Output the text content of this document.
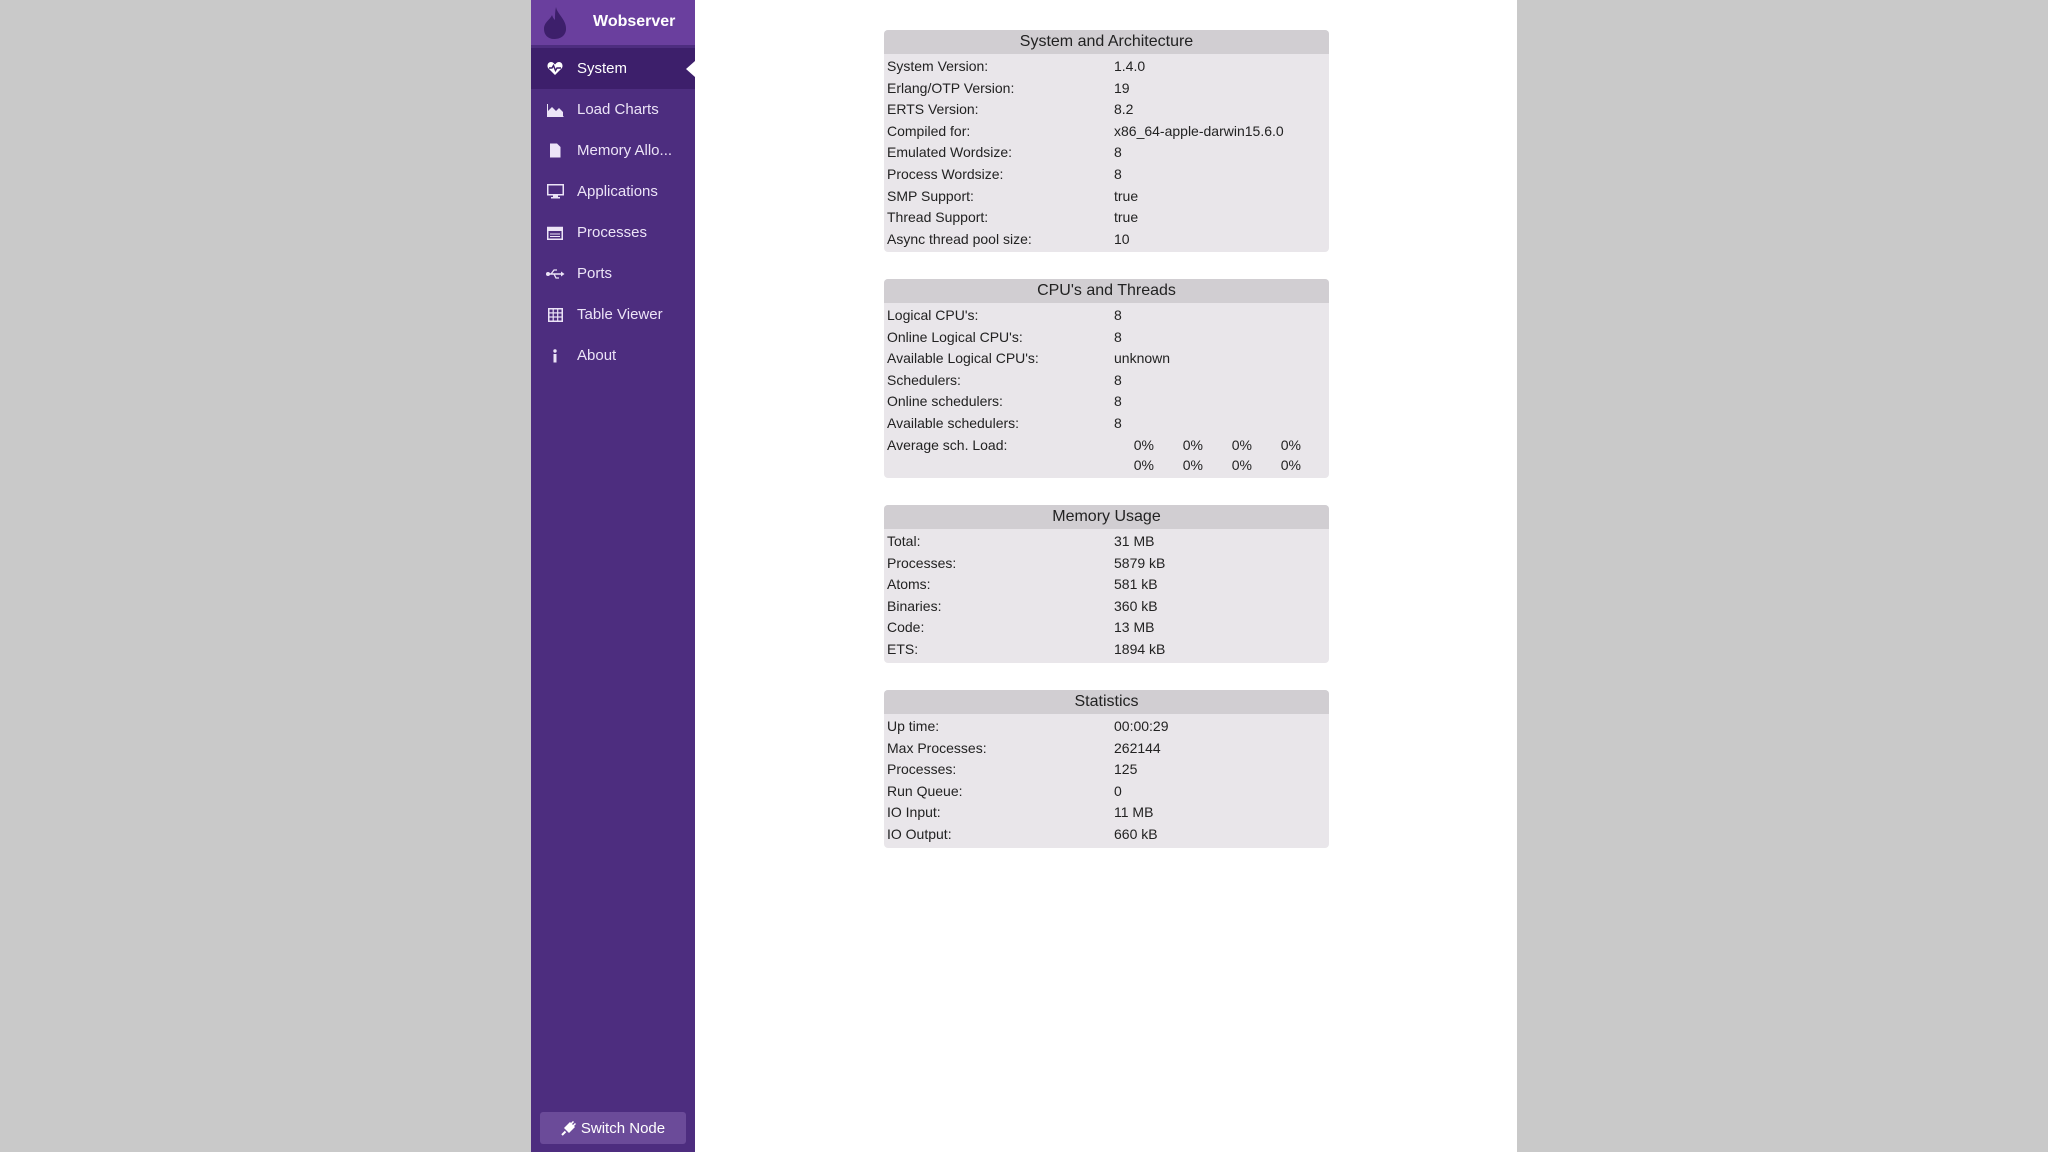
Wobserver
System
Load Charts
Memory Allo...
Applications
Processes
Ports
Table Viewer
About
Switch Node
System and Architecture
System Version:	1.4.0
Erlang/OTP Version:	19
ERTS Version:	8.2
Compiled for:	x86_64-apple-darwin15.6.0
Emulated Wordsize:	8
Process Wordsize:	8
SMP Support:	true
Thread Support:	true
Async thread pool size:	10
CPU's and Threads
Logical CPU's:	8
Online Logical CPU's:	8
Available Logical CPU's:	unknown
Schedulers:	8
Online schedulers:	8
Available schedulers:	8
Average sch. Load:	0%	0%	0%	0%
0%	0%	0%	0%
Memory Usage
Total:	31 MB
Processes:	5879 kB
Atoms:	581 kB
Binaries:	360 kB
Code:	13 MB
ETS:	1894 kB
Statistics
Up time:	00:00:29
Max Processes:	262144
Processes:	125
Run Queue:	0
IO Input:	11 MB
IO Output:	660 kB
